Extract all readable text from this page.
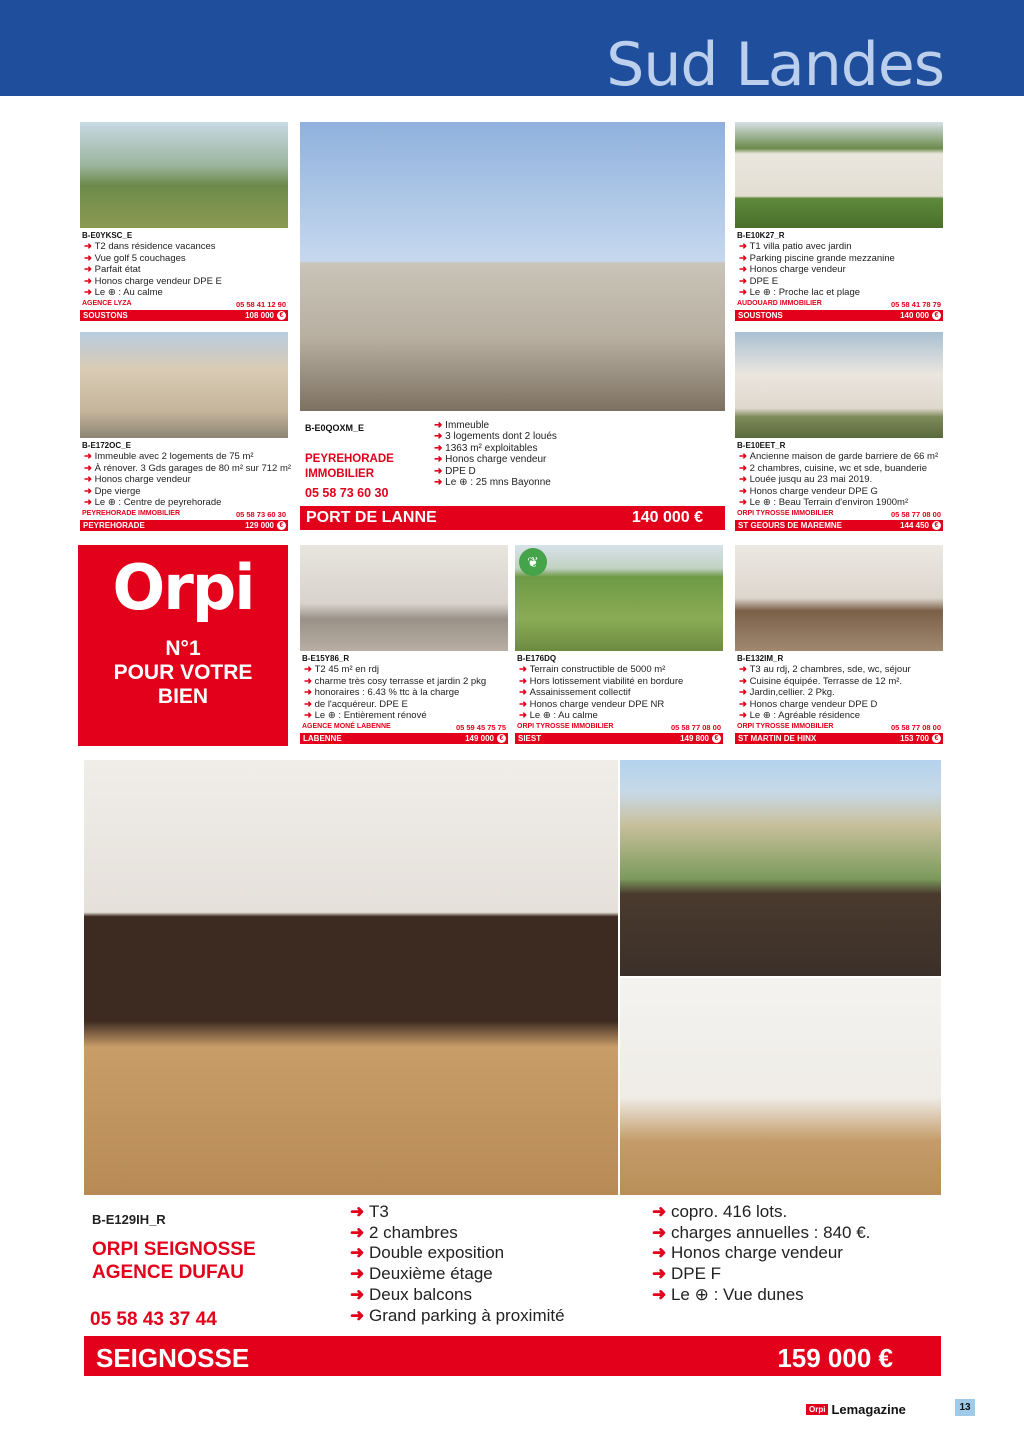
Sud Landes
B-E0YKSC_E
➜ T2 dans résidence vacances
➜ Vue golf 5 couchages
➜ Parfait état
➜ Honos charge vendeur DPE E
➜ Le ⊕ : Au calme
AGENCE LYZA	05 58 41 12 90
SOUSTONS	108 000 €
B-E10K27_R
➜ T1 villa patio avec jardin
➜ Parking piscine grande mezzanine
➜ Honos charge vendeur
➜ DPE E
➜ Le ⊕ : Proche lac et plage
AUDOUARD IMMOBILIER	05 58 41 78 79
SOUSTONS	140 000 €
B-E0QOXM_E
➜	Immeuble
➜ 3 logements dont 2 loués
➜ 1363 m² exploitables
➜ Honos charge vendeur
➜ DPE D
➜ Le ⊕ : 25 mns Bayonne
PEYREHORADE
IMMOBILIER
05 58 73 60 30
PORT DE LANNE	140 000 €
B-E172OC_E
➜ Immeuble avec 2 logements de 75 m²
➜ À rénover. 3 Gds garages de 80 m² sur 712 m²
➜ Honos charge vendeur
➜ Dpe vierge
➜ Le ⊕ : Centre de peyrehorade
PEYREHORADE IMMOBILIER	05 58 73 60 30
PEYREHORADE	129 000 €
B-E10EET_R
➜ Ancienne maison de garde barriere de 66 m²
➜ 2 chambres, cuisine, wc et sde, buanderie
➜ Louée jusqu au 23 mai 2019.
➜ Honos charge vendeur DPE G
➜ Le ⊕ : Beau Terrain d'environ 1900m²
ORPI TYROSSE IMMOBILIER	05 58 77 08 00
ST GEOURS DE MAREMNE	144 450 €
Orpi
N°1
POUR VOTRE
BIEN
B-E15Y86_R
➜ T2 45 m² en rdj
➜ charme très cosy terrasse et jardin 2 pkg
➜ honoraires : 6.43 % ttc à la charge
➜ de l'acquéreur. DPE E
➜ Le ⊕ : Entièrement rénové
AGENCE MONÉ LABENNE	05 59 45 75 75
LABENNE	149 000 €
❦
B-E176DQ
➜ Terrain constructible de 5000 m²
➜ Hors lotissement viabilité en bordure
➜ Assainissement collectif
➜ Honos charge vendeur DPE NR
➜ Le ⊕ : Au calme
ORPI TYROSSE IMMOBILIER	05 58 77 08 00
SIEST	149 800 €
B-E132IM_R
➜ T3 au rdj, 2 chambres, sde, wc, séjour
➜ Cuisine équipée. Terrasse de 12 m².
➜ Jardin,cellier. 2 Pkg.
➜ Honos charge vendeur DPE D
➜ Le ⊕ : Agréable résidence
ORPI TYROSSE IMMOBILIER	05 58 77 08 00
ST MARTIN DE HINX	153 700 €
B-E129IH_R
ORPI SEIGNOSSE
AGENCE DUFAU
05 58 43 37 44
➜ T3
➜ 2 chambres
➜ Double exposition
➜ Deuxième étage
➜ Deux balcons
➜ Grand parking à proximité
➜ copro. 416 lots.
➜ charges annuelles : 840 €.
➜ Honos charge vendeur
➜ DPE F
➜ Le ⊕ : Vue dunes
SEIGNOSSE	159 000 €
Orpi Lemagazine	13
